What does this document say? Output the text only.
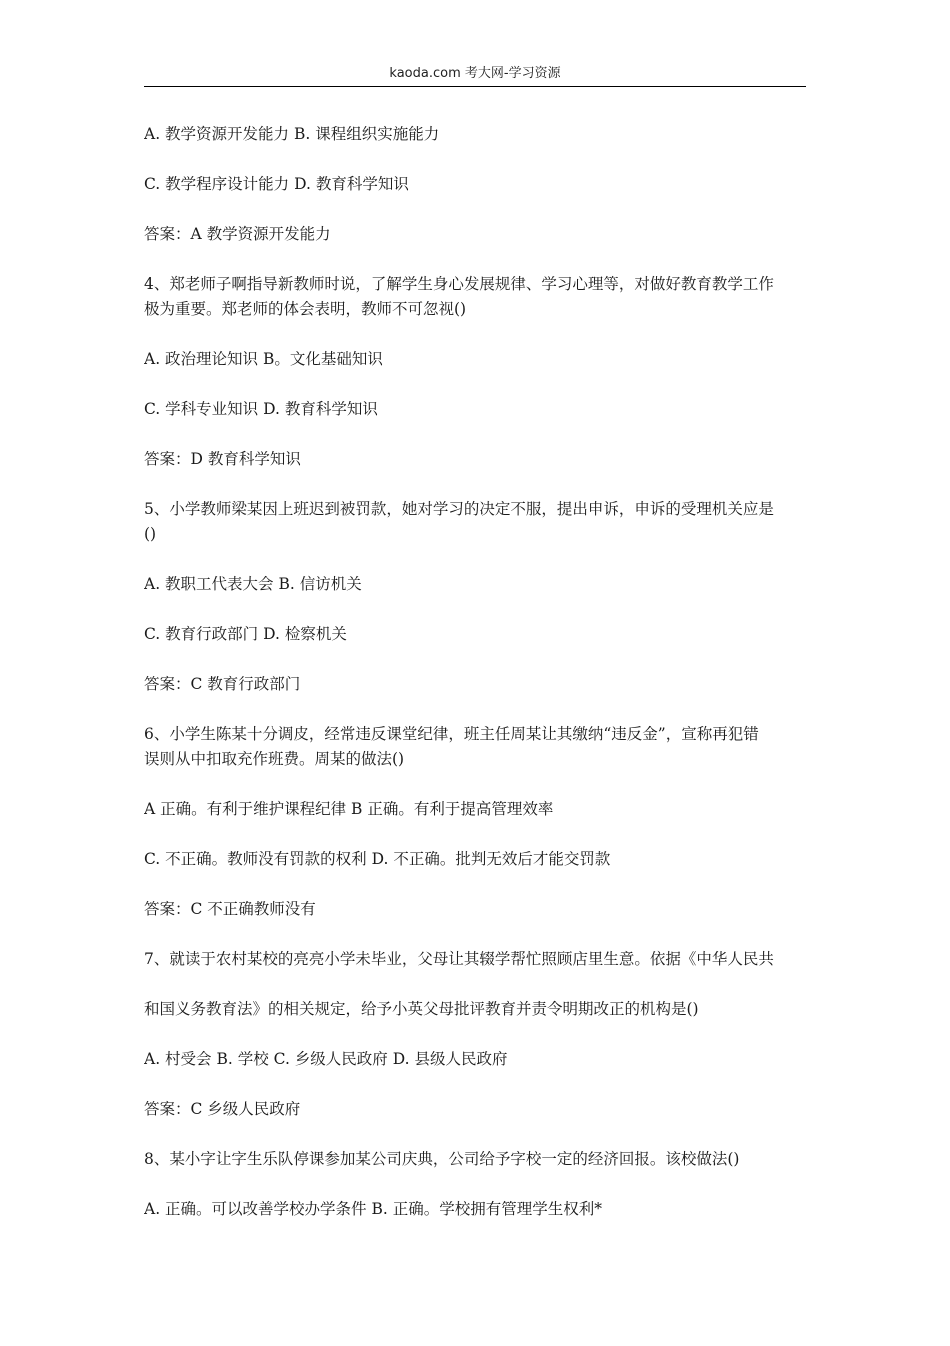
kaoda.com 考大网-学习资源
A. 教学资源开发能力 B. 课程组织实施能力
C. 教学程序设计能力 D. 教育科学知识
答案：A 教学资源开发能力
4、郑老师子啊指导新教师时说，了解学生身心发展规律、学习心理等，对做好教育教学工作
极为重要。郑老师的体会表明，教师不可忽视()
A. 政治理论知识 B。文化基础知识
C. 学科专业知识 D. 教育科学知识
答案：D 教育科学知识
5、小学教师梁某因上班迟到被罚款，她对学习的决定不服，提出申诉，申诉的受理机关应是
()
A. 教职工代表大会 B. 信访机关
C. 教育行政部门 D. 检察机关
答案：C 教育行政部门
6、小学生陈某十分调皮，经常违反课堂纪律，班主任周某让其缴纳“违反金”，宣称再犯错
误则从中扣取充作班费。周某的做法()
A 正确。有利于维护课程纪律 B 正确。有利于提高管理效率
C. 不正确。教师没有罚款的权利 D. 不正确。批判无效后才能交罚款
答案：C 不正确教师没有
7、就读于农村某校的亮亮小学未毕业，父母让其辍学帮忙照顾店里生意。依据《中华人民共
和国义务教育法》的相关规定，给予小英父母批评教育并责令明期改正的机构是()
A. 村受会 B. 学校 C. 乡级人民政府 D. 县级人民政府
答案：C 乡级人民政府
8、某小字让字生乐队停课参加某公司庆典，公司给予字校一定的经济回报。该校做法()
A. 正确。可以改善学校办学条件 B. 正确。学校拥有管理学生权利*
